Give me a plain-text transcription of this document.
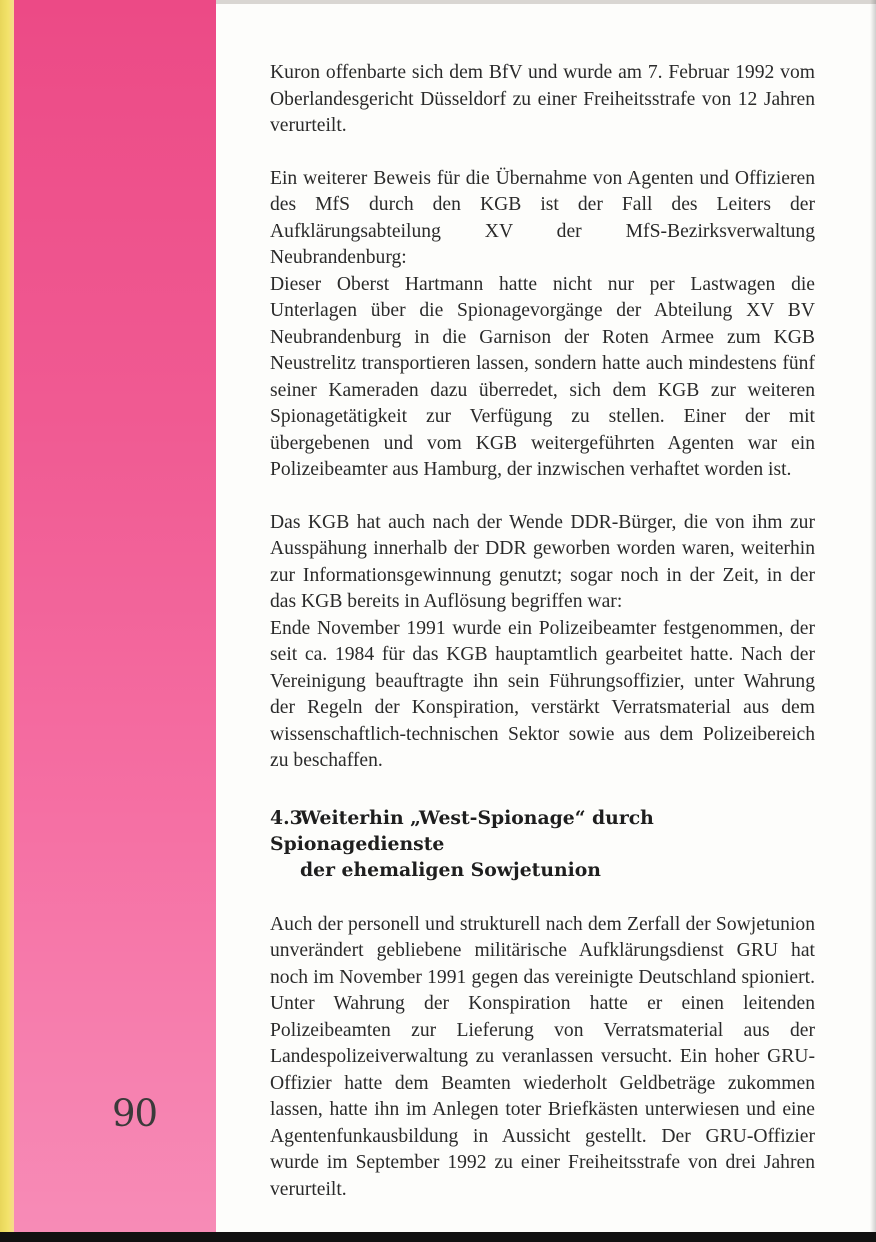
90

Kuron offenbarte sich dem BfV und wurde am 7. Februar 1992 vom Oberlandesgericht Düsseldorf zu einer Freiheitsstrafe von 12 Jahren verurteilt.

Ein weiterer Beweis für die Übernahme von Agenten und Offizieren des MfS durch den KGB ist der Fall des Leiters der Aufklärungsabteilung XV der MfS-Bezirksverwaltung Neubrandenburg:

Dieser Oberst Hartmann hatte nicht nur per Lastwagen die Unterlagen über die Spionagevorgänge der Abteilung XV BV Neubrandenburg in die Garnison der Roten Armee zum KGB Neustrelitz transportieren lassen, sondern hatte auch mindestens fünf seiner Kameraden dazu überredet, sich dem KGB zur weiteren Spionagetätigkeit zur Verfügung zu stellen. Einer der mit übergebenen und vom KGB weitergeführten Agenten war ein Polizeibeamter aus Hamburg, der inzwischen verhaftet worden ist.

Das KGB hat auch nach der Wende DDR-Bürger, die von ihm zur Ausspähung innerhalb der DDR geworben worden waren, weiterhin zur Informationsgewinnung genutzt; sogar noch in der Zeit, in der das KGB bereits in Auflösung begriffen war:

Ende November 1991 wurde ein Polizeibeamter festgenommen, der seit ca. 1984 für das KGB hauptamtlich gearbeitet hatte. Nach der Vereinigung beauftragte ihn sein Führungsoffizier, unter Wahrung der Regeln der Konspiration, verstärkt Verratsmaterial aus dem wissenschaftlich-technischen Sektor sowie aus dem Polizeibereich zu beschaffen.

4.3Weiterhin „West-Spionage“ durch Spionagedienste
der ehemaligen Sowjetunion

Auch der personell und strukturell nach dem Zerfall der Sowjetunion unverändert gebliebene militärische Aufklärungsdienst GRU hat noch im November 1991 gegen das vereinigte Deutschland spioniert. Unter Wahrung der Konspiration hatte er einen leitenden Polizeibeamten zur Lieferung von Verratsmaterial aus der Landespolizeiverwaltung zu veranlassen versucht. Ein hoher GRU-Offizier hatte dem Beamten wiederholt Geldbeträge zukommen lassen, hatte ihn im Anlegen toter Briefkästen unterwiesen und eine Agentenfunkausbildung in Aussicht gestellt. Der GRU-Offizier wurde im September 1992 zu einer Freiheitsstrafe von drei Jahren verurteilt.
